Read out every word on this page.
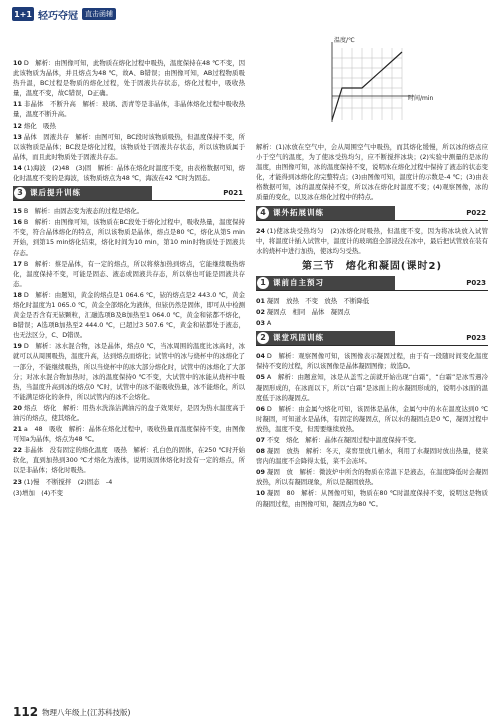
1+1 轻巧夺冠	直击函辅
10 D　解析：由图像可知，此物质在熔化过程中吸热，温度保持在48 ℃不变，因此该物质为晶体，并且熔点为48 ℃，故A、B错误；由图像可知，AB过程物质吸热升温，BC过程是物质的熔化过程，处于固液共存状态，熔化过程中，吸收热量，温度不变，故C错误，D正确。
11 非晶体　不断升高　解析：玻璃、沥青等是非晶体，非晶体熔化过程中吸收热量，温度不断升高。
12 熔化　吸热
13 晶体　固液共存　解析：由图可知，BC段时该物质吸热，但温度保持不变，所以该物质是晶体；BC段是熔化过程，该物质处于固液共存状态，所以该物质属于晶体，而且此时物质处于固液共存态。
14 (1)海波　(2)48　(3)固　解析：晶体在熔化时温度不变，由表格数据可知，熔化时温度不变的是海波，该物质熔点为48 ℃，海波在42 ℃时为固态。
3 课后提升训练	P021
15 B　解析：由固态变为液态的过程是熔化。
16 B　解析：由图像可知，该物质在BC段处于熔化过程中，吸收热量，温度保持不变，符合晶体熔化的特点，所以该物质是晶体，熔点是80 ℃，熔化从第5 min开始，到第15 min熔化结束，熔化时间为10 min，第10 min时物质处于固液共存态。
17 B　解析：蔡是晶体，有一定的熔点，所以将蔡加热到熔点，它能继续吸热熔化，温度保持不变，可能是固态、液态或固液共存态，所以蔡也可能是固液共存态。
18 D　解析：由题知，黄金的熔点是1 064.6 ℃，铱的熔点是2 443.0 ℃，黄金熔化时温度为1 065.0 ℃，黄金全部熔化为液体，但铱仍然是固体，即可从中检测黄金是否含有无铱颗粒，汇融选项B及B加热至1 064.0 ℃，黄金和铱都不熔化，B错误；A选项B加热至2 444.0 ℃，已超过3 507.6 ℃，黄金和铱都处于液态，也无法区分，C、D错误。
19 D　解析：冰水混合物，冰是晶体，熔点0 ℃，当冰周围的温度比冰高时，冰就可以从周围吸热，温度升高，达到熔点而熔化；试管中的冰与烧杯中的冰熔化了一部分，不能继续吸热，所以当烧杯中的冰大部分熔化时，试管中的冰熔化了大部分；对冰水混合物加热时，冰的温度保持0 ℃不变，大试管中的冰能从烧杯中吸热，当温度升高到冰的熔点0 ℃时，试管中的冰不能吸收热量，冰不能熔化，所以不能满足熔化的条件，所以试管内的冰不会熔化。
20 熔点　熔化　解析：用热水洗涤沾满油污的盘子效果好，是因为热水温度高于油污的熔点，使其熔化。
21 a　48　吸收　解析：晶体在熔化过程中，吸收热量而温度保持不变，由图像可知a为晶体，熔点为48 ℃。
22 非晶体　没有固定的熔化温度　吸热　解析：孔白色的固体，在250 ℃时开始软化，直到加热到300 ℃才熔化为液体，说明该固体熔化时没有一定的熔点，所以是非晶体；熔化时吸热。
23 (1)慢　不断搅拌　(2)固态　-4
(3)增加　(4)不变
温度/℃
时间/min
解析：(1)冰放在空气中，会从周围空气中吸热，而其熔化缓慢，所以冰的熔点应小于空气的温度，为了使冰受热均匀，应不断搅拌冰块；(2)实验中测量的是冰的温度，由图像可知，冰的温度保持不变，说明冰在熔化过程中保持了液态的状态变化，才能得到冰熔化的完整特点；(3)由图像可知，温度计的示数是-4 ℃；(3)由表格数据可知，冰的温度保持不变，所以冰在熔化时温度不变；(4)观察图像，冰的质量的变化，以及冰在熔化过程中的特点。
4 课外拓展训练	P022
24 (1)使冰块受热均匀　(2)冰熔化时吸热，但温度不变，因为将冰块放入试管中，将温度计插入试管中，温度计的玻璃泡全部浸没在冰中，最后把试管放在装有水的烧杯中进行加热，使冰均匀受热。
第三节　熔化和凝固(课时2)
1 课前自主预习	P023
01 凝固　放热　不变　放热　不断降低
02 凝固点　相同　晶体　凝固点
03 A
2 课堂巩固训练	P023
04 D　解析：观察图像可知，该图像表示凝固过程，由于有一段随时间变化温度保持不变的过程，所以该图像是晶体凝固图像；故选D。
05 A　解析：由题意知，冰是从盖雪之前就开始出现“白霜”，“白霜”是冰雪遇冷凝固形成的，在冰面以下，所以“白霜”是冰面上的水凝固形成的，说明小冰面的温度低于冰的凝固点。
06 D　解析：由金属勺熔化可知，该固体是晶体，金属勺中的水在温度达到0 ℃时凝固，可知道水是晶体，有固定的凝固点，所以水的凝固点是0 ℃，凝固过程中放热，温度不变，但需要继续放热。
07 不变　熔化　解析：晶体在凝固过程中温度保持不变。
08 凝固　放热　解析：冬天，菜窖里放几桶水，利用了水凝固时放出热量，使菜窖内的温度不会降得太低，菜不会冻坏。
09 凝固　放　解析：微波炉中所含的物质在常温下是液态，在温度降低时会凝固放热，所以有凝固现象，所以是凝固放热。
10 凝固　80　解析：从图像可知，物质在80 ℃时温度保持不变，说明这是物质的凝固过程，由图像可知，凝固点为80 ℃。
112 物理八年级上(江苏科技版)
